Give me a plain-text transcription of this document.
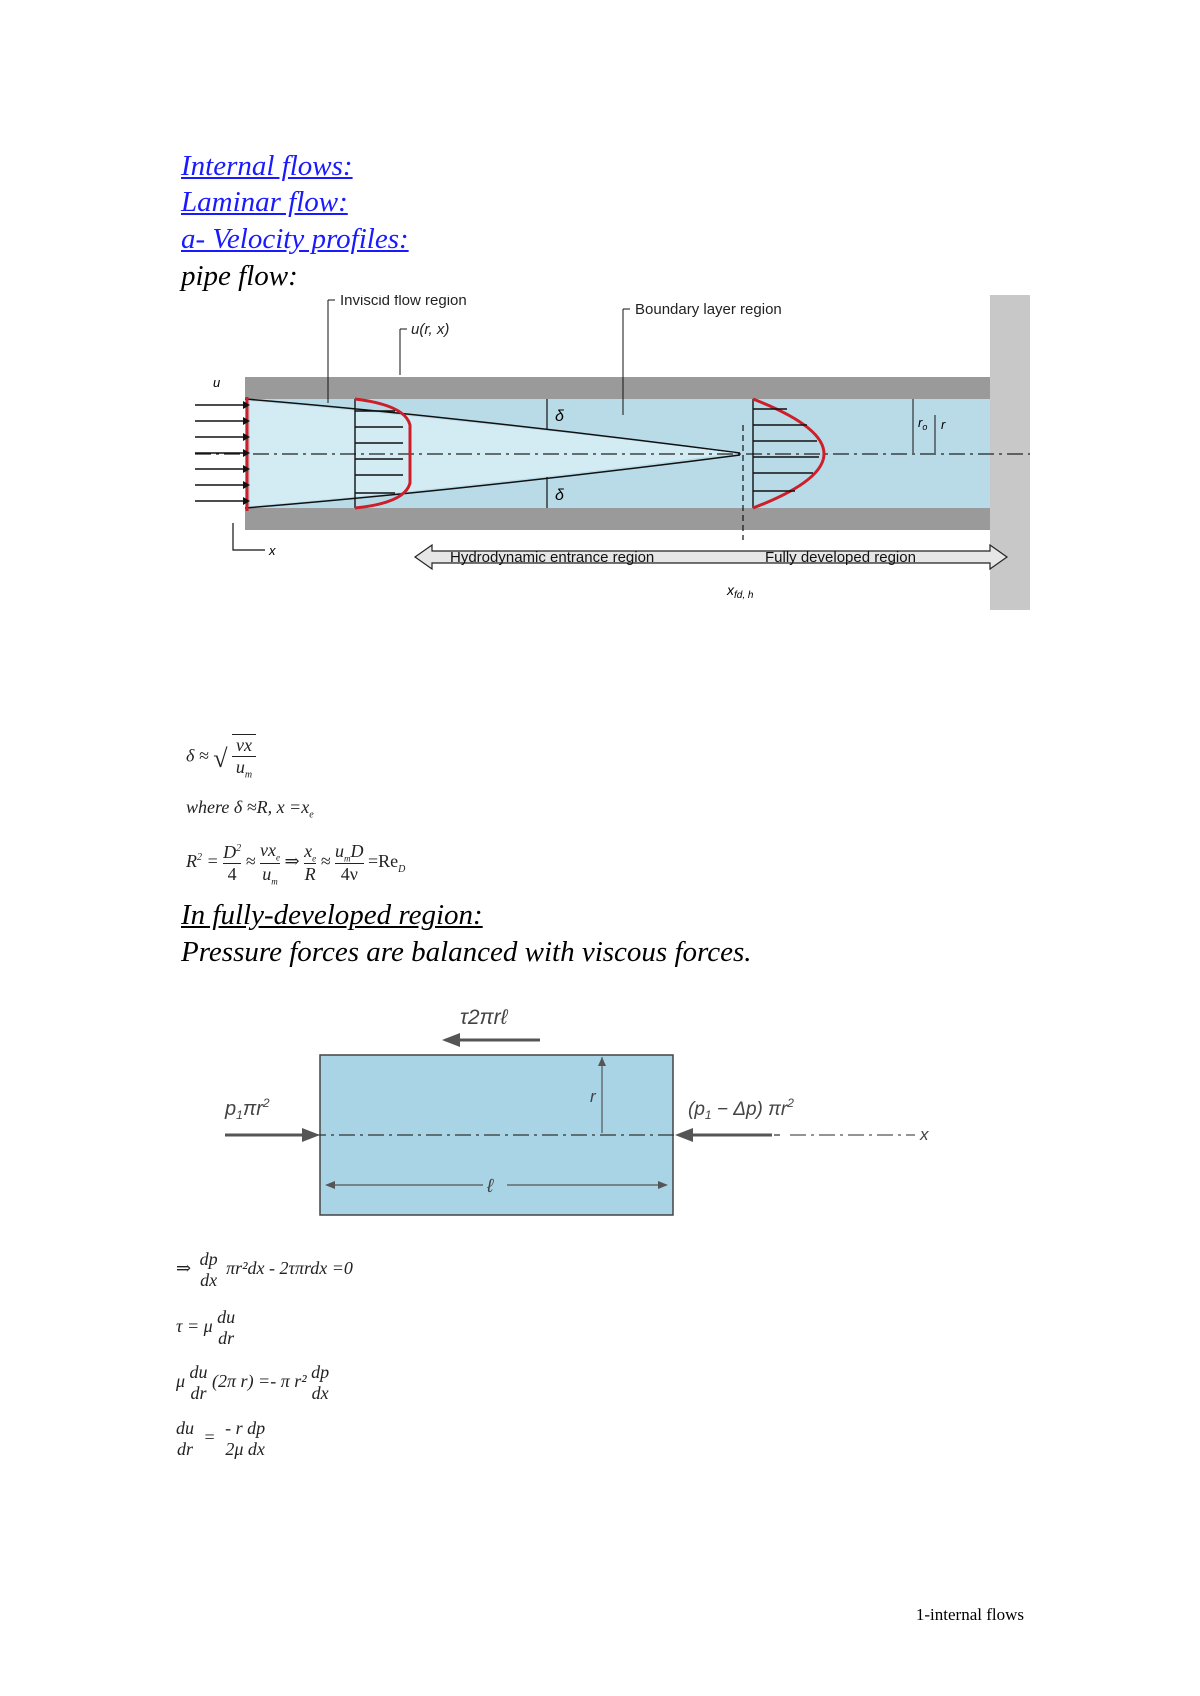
Internal flows:
Laminar flow:
a- Velocity profiles:
pipe flow:
δ
δ
Hydrodynamic entrance region	Fully developed region
$x_{fd, h}$
x
u
Inviscid flow region
u(r, x)
Boundary layer region
$r_o$ r
δ ≈ √ $\frac{\nu x}{u_m}$
where δ ≈R, $x =x_e$
$R^2 = \frac{D^2}{4}$ ≈
$\nu x_e$
$u_m$
⇒ $\frac{x_e}{R}$ ≈
$u_mD$
4ν
$=Re_D$
In fully-developed region:
Pressure forces are balanced with viscous forces.
x
τ2πrℓ
$p_1\pi r^2$	$(p_1 - \Delta p)$ $\pi r^2$
r
ℓ
⇒ dp
dx
πr²dx - 2τπrdx =0
τ = μ du
dr
μ du
dr
(2π r) =- π r² dp
dx
du
dr
= - r dp
2μ dx
1-internal flows
